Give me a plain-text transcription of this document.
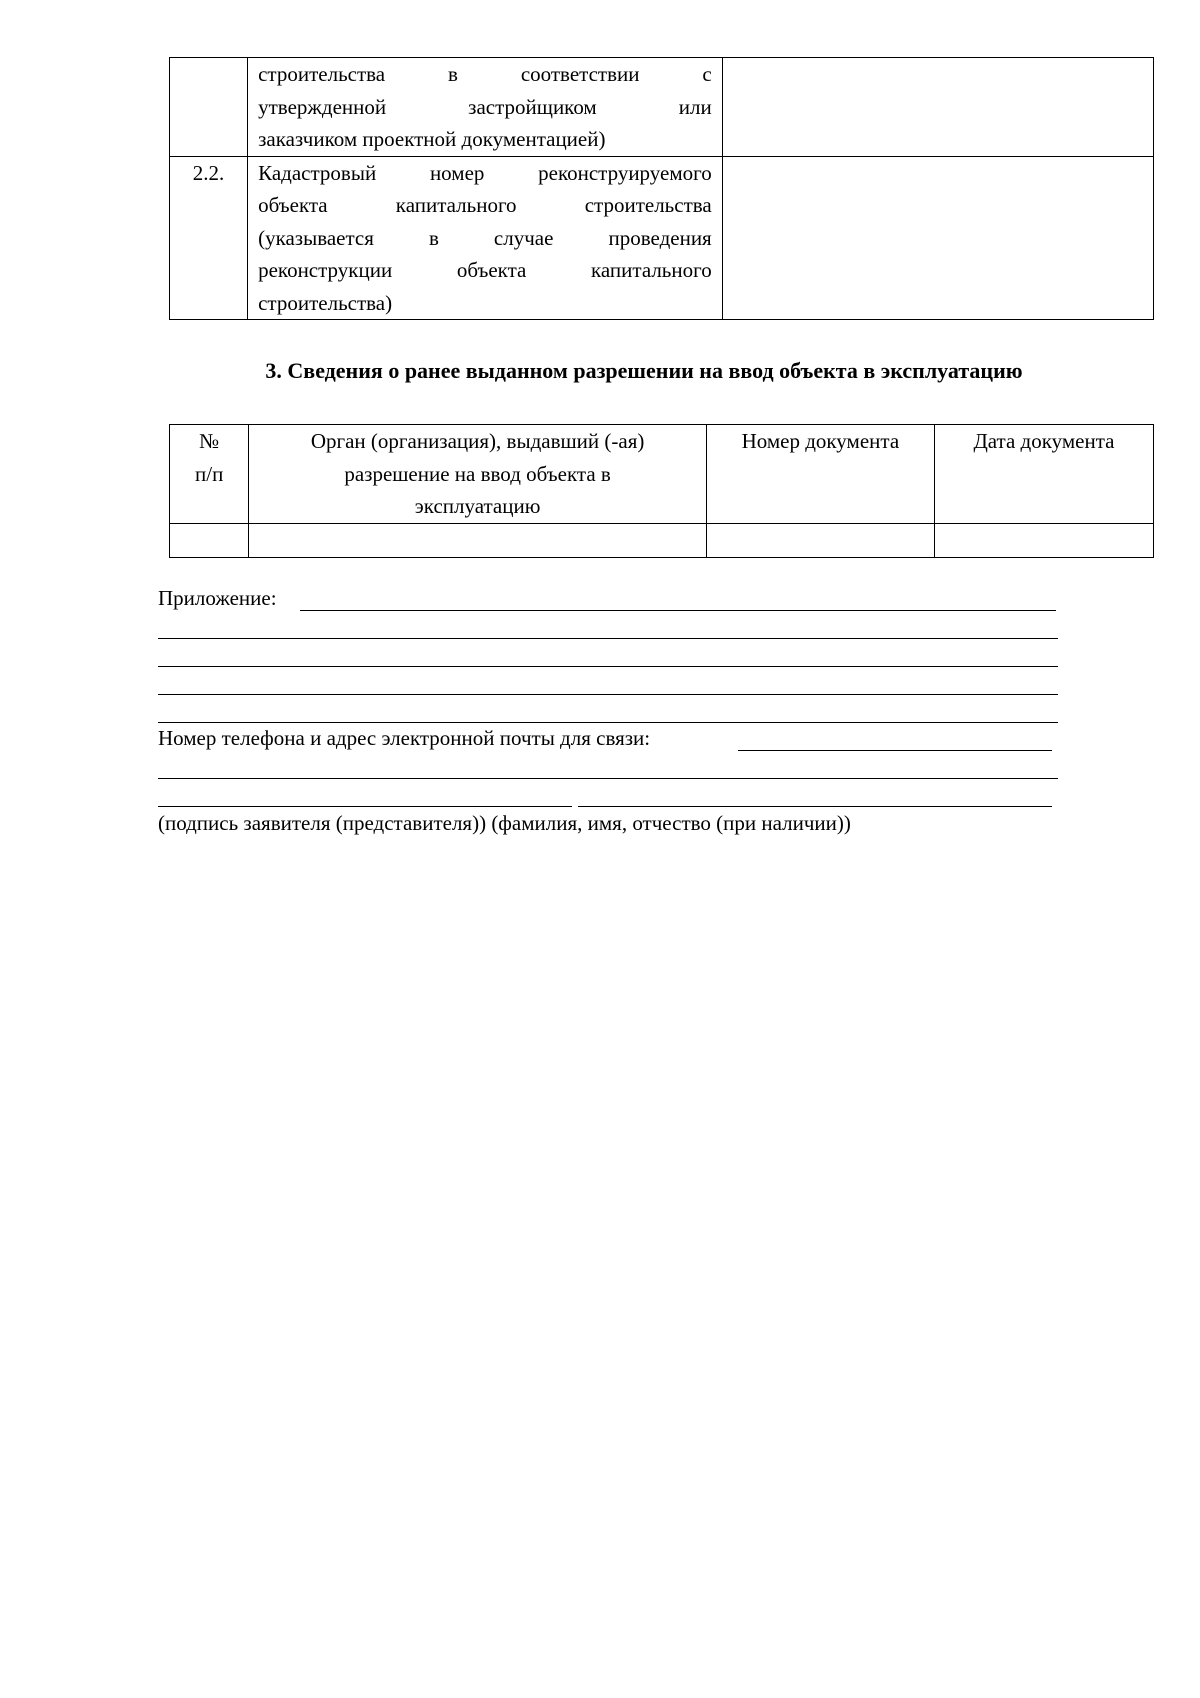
	строительства в соответствии с
утвержденной застройщиком или
заказчиком проектной документацией)	

2.2.	Кадастровый номер реконструируемого
объекта капитального строительства
(указывается в случае проведения
реконструкции объекта капитального
строительства)	

3. Сведения о ранее выданном разрешении на ввод объекта в эксплуатацию
№
п/п	Орган (организация), выдавший (-ая)
разрешение на ввод объекта в
эксплуатацию	Номер документа	Дата документа

Приложение:
Номер телефона и адрес электронной почты для связи:
(подпись заявителя (представителя)) (фамилия, имя, отчество (при наличии))
